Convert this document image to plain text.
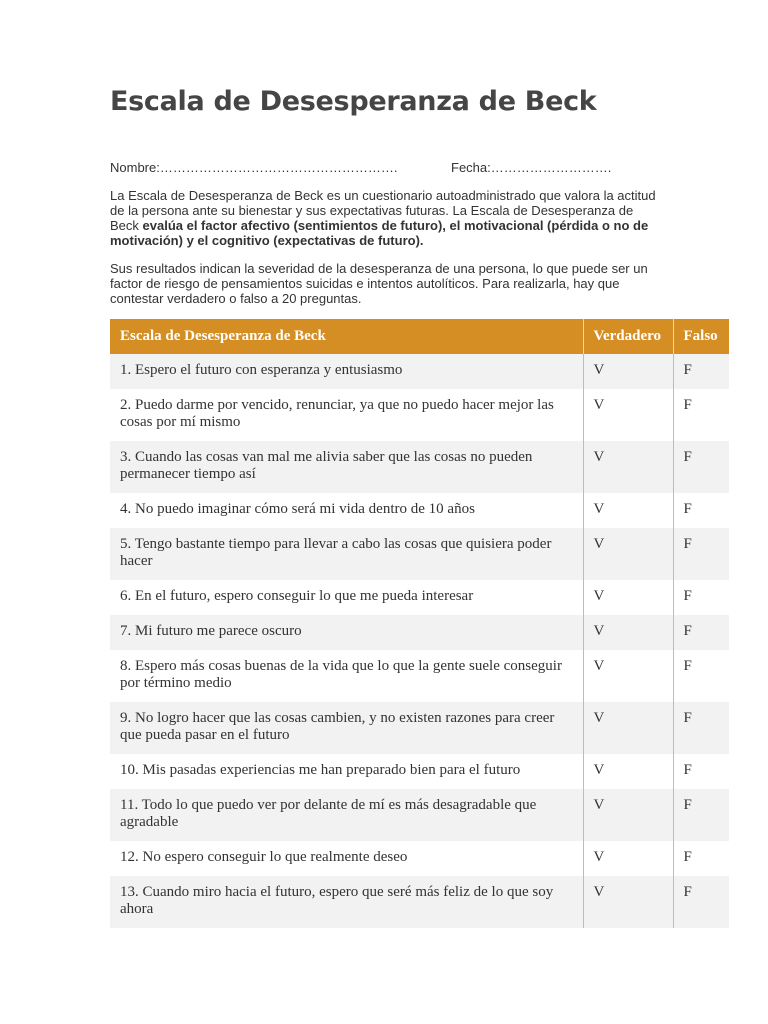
Escala de Desesperanza de Beck
Nombre:……………………………………………….	Fecha:……………………….

La Escala de Desesperanza de Beck es un cuestionario autoadministrado que valora la actitud de la persona ante su bienestar y sus expectativas futuras. La Escala de Desesperanza de Beck evalúa el factor afectivo (sentimientos de futuro), el motivacional (pérdida o no de motivación) y el cognitivo (expectativas de futuro).

Sus resultados indican la severidad de la desesperanza de una persona, lo que puede ser un factor de riesgo de pensamientos suicidas e intentos autolíticos. Para realizarla, hay que contestar verdadero o falso a 20 preguntas.

Escala de Desesperanza de Beck	Verdadero	Falso
1. Espero el futuro con esperanza y entusiasmo	V	F
2. Puedo darme por vencido, renunciar, ya que no puedo hacer mejor las cosas por mí mismo	V	F
3. Cuando las cosas van mal me alivia saber que las cosas no pueden permanecer tiempo así	V	F
4. No puedo imaginar cómo será mi vida dentro de 10 años	V	F
5. Tengo bastante tiempo para llevar a cabo las cosas que quisiera poder hacer	V	F
6. En el futuro, espero conseguir lo que me pueda interesar	V	F
7. Mi futuro me parece oscuro	V	F
8. Espero más cosas buenas de la vida que lo que la gente suele conseguir por término medio	V	F
9. No logro hacer que las cosas cambien, y no existen razones para creer que pueda pasar en el futuro	V	F
10. Mis pasadas experiencias me han preparado bien para el futuro	V	F
11. Todo lo que puedo ver por delante de mí es más desagradable que agradable	V	F
12. No espero conseguir lo que realmente deseo	V	F
13. Cuando miro hacia el futuro, espero que seré más feliz de lo que soy ahora	V	F
